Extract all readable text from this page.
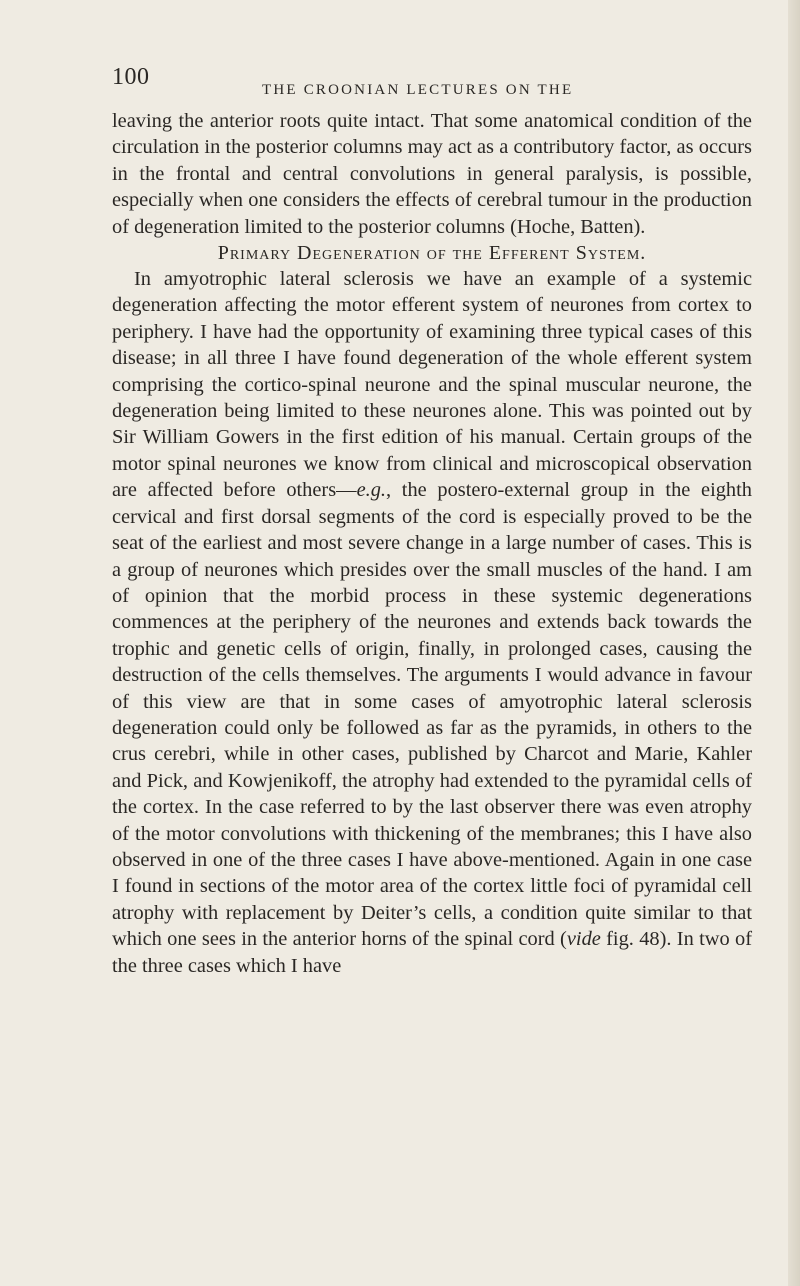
100	THE CROONIAN LECTURES ON THE

leaving the anterior roots quite intact. That some anatomical condition of the circulation in the posterior columns may act as a contributory factor, as occurs in the frontal and central convolutions in general paralysis, is possible, especially when one considers the effects of cerebral tumour in the production of degeneration limited to the posterior columns (Hoche, Batten).

Primary Degeneration of the Efferent System.

In amyotrophic lateral sclerosis we have an example of a systemic degeneration affecting the motor efferent system of neurones from cortex to periphery. I have had the opportunity of examining three typical cases of this disease; in all three I have found degeneration of the whole efferent system comprising the cortico-spinal neurone and the spinal muscular neurone, the degeneration being limited to these neurones alone. This was pointed out by Sir William Gowers in the first edition of his manual. Certain groups of the motor spinal neurones we know from clinical and microscopical observation are affected before others—e.g., the postero-external group in the eighth cervical and first dorsal segments of the cord is especially proved to be the seat of the earliest and most severe change in a large number of cases. This is a group of neurones which presides over the small muscles of the hand. I am of opinion that the morbid process in these systemic degenerations commences at the periphery of the neurones and extends back towards the trophic and genetic cells of origin, finally, in prolonged cases, causing the destruction of the cells themselves. The arguments I would advance in favour of this view are that in some cases of amyotrophic lateral sclerosis degeneration could only be followed as far as the pyramids, in others to the crus cerebri, while in other cases, published by Charcot and Marie, Kahler and Pick, and Kowjenikoff, the atrophy had extended to the pyramidal cells of the cortex. In the case referred to by the last observer there was even atrophy of the motor convolutions with thickening of the membranes; this I have also observed in one of the three cases I have above-mentioned. Again in one case I found in sections of the motor area of the cortex little foci of pyramidal cell atrophy with replacement by Deiter’s cells, a condition quite similar to that which one sees in the anterior horns of the spinal cord (vide fig. 48). In two of the three cases which I have
